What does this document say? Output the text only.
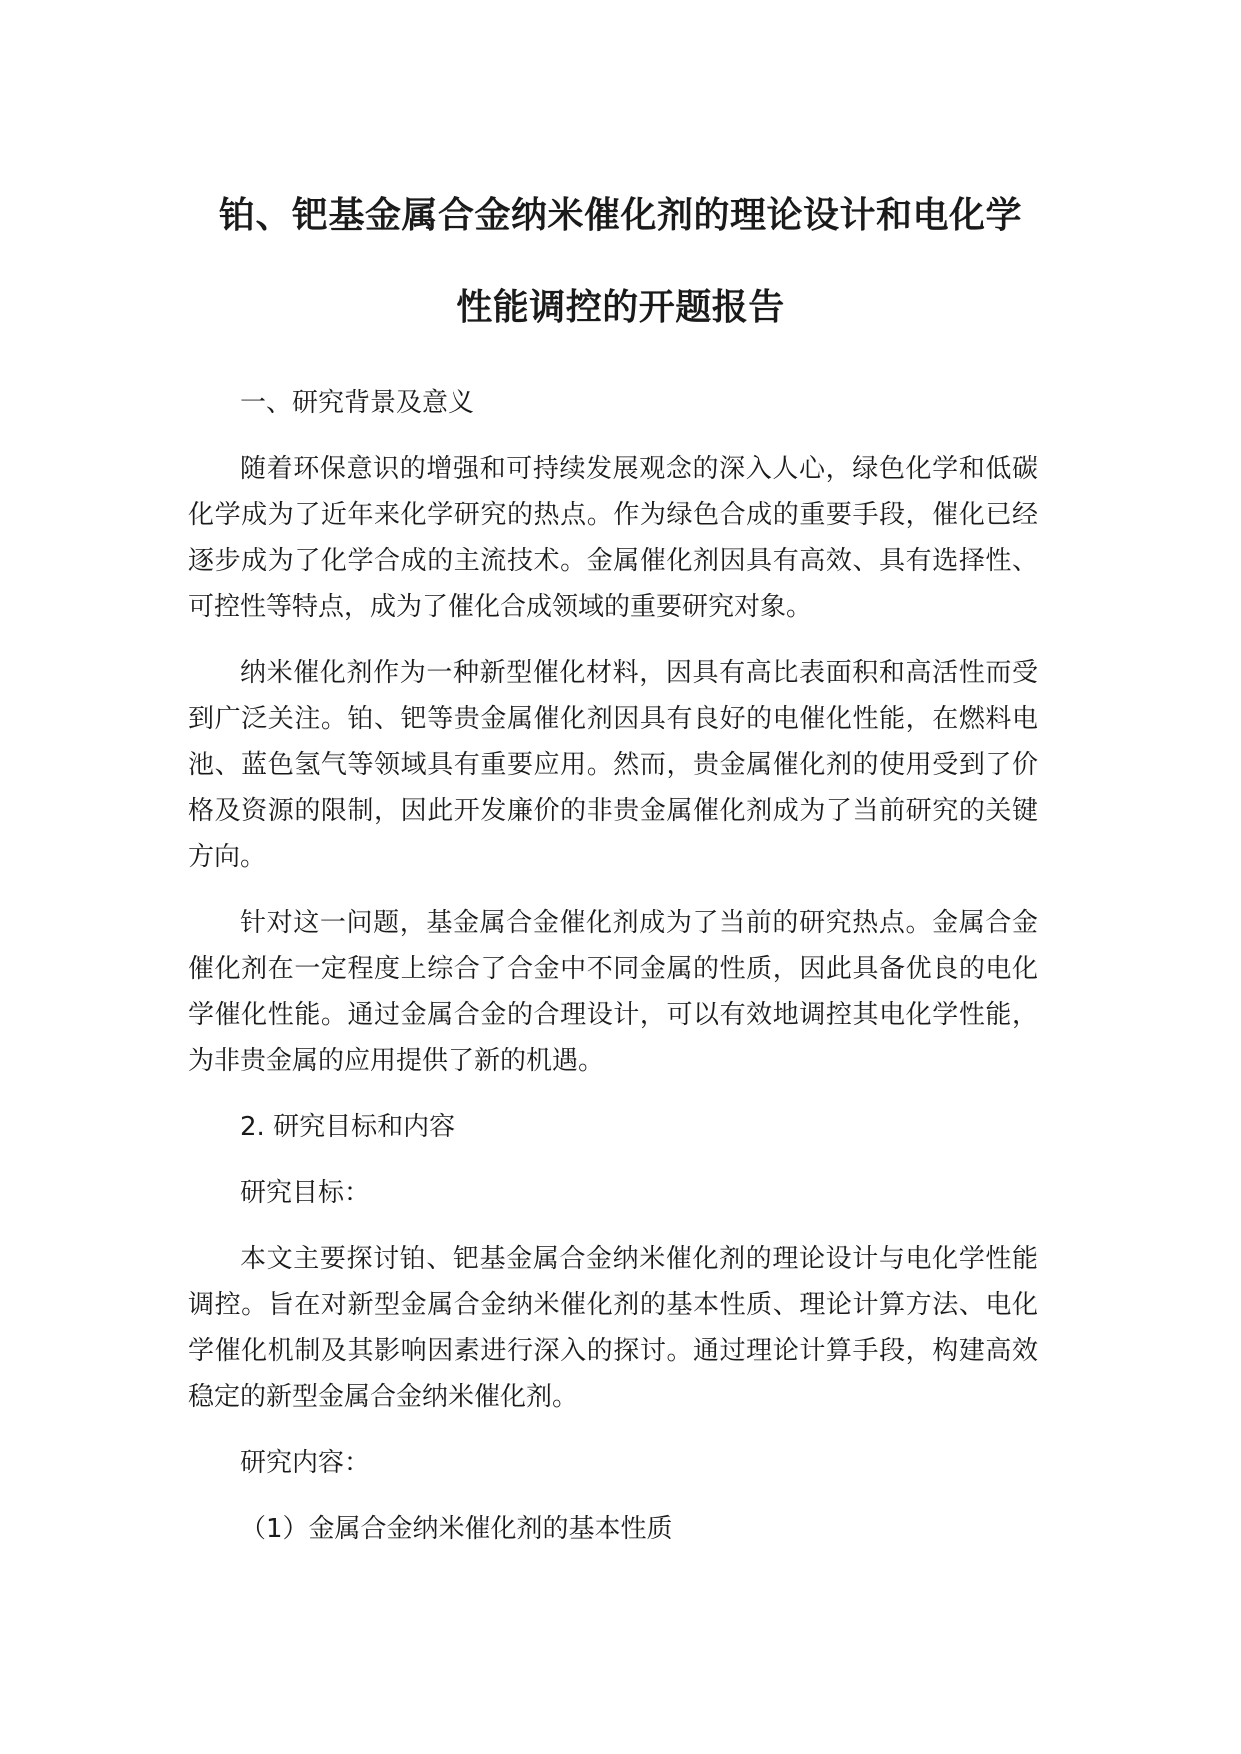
铂、钯基金属合金纳米催化剂的理论设计和电化学

性能调控的开题报告

一、研究背景及意义

随着环保意识的增强和可持续发展观念的深入人心，绿色化学和低碳化学成为了近年来化学研究的热点。作为绿色合成的重要手段，催化已经逐步成为了化学合成的主流技术。金属催化剂因具有高效、具有选择性、可控性等特点，成为了催化合成领域的重要研究对象。

纳米催化剂作为一种新型催化材料，因具有高比表面积和高活性而受到广泛关注。铂、钯等贵金属催化剂因具有良好的电催化性能，在燃料电池、蓝色氢气等领域具有重要应用。然而，贵金属催化剂的使用受到了价格及资源的限制，因此开发廉价的非贵金属催化剂成为了当前研究的关键方向。

针对这一问题，基金属合金催化剂成为了当前的研究热点。金属合金催化剂在一定程度上综合了合金中不同金属的性质，因此具备优良的电化学催化性能。通过金属合金的合理设计，可以有效地调控其电化学性能，为非贵金属的应用提供了新的机遇。

2. 研究目标和内容

研究目标：

本文主要探讨铂、钯基金属合金纳米催化剂的理论设计与电化学性能调控。旨在对新型金属合金纳米催化剂的基本性质、理论计算方法、电化学催化机制及其影响因素进行深入的探讨。通过理论计算手段，构建高效稳定的新型金属合金纳米催化剂。

研究内容：

（1）金属合金纳米催化剂的基本性质
